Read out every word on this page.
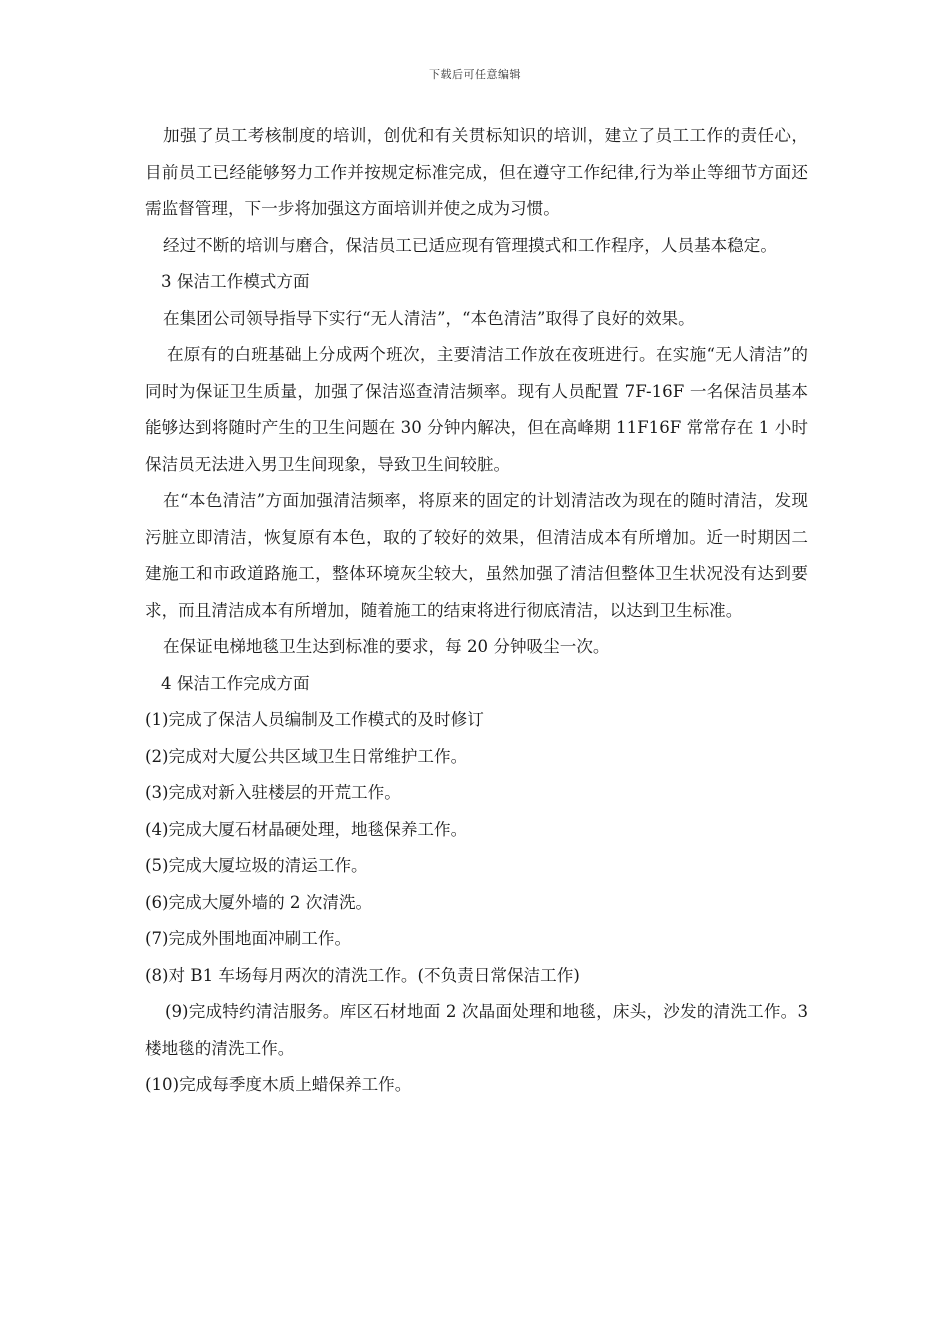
下载后可任意编辑

加强了员工考核制度的培训，创优和有关贯标知识的培训，建立了员工工作的责任心，目前员工已经能够努力工作并按规定标准完成，但在遵守工作纪律,行为举止等细节方面还需监督管理，下一步将加强这方面培训并使之成为习惯。

经过不断的培训与磨合，保洁员工已适应现有管理摸式和工作程序，人员基本稳定。

3 保洁工作模式方面

在集团公司领导指导下实行“无人清洁”，“本色清洁”取得了良好的效果。

在原有的白班基础上分成两个班次，主要清洁工作放在夜班进行。在实施“无人清洁”的同时为保证卫生质量，加强了保洁巡查清洁频率。现有人员配置 7F-16F 一名保洁员基本能够达到将随时产生的卫生问题在 30 分钟内解决，但在高峰期 11F16F 常常存在 1 小时保洁员无法进入男卫生间现象，导致卫生间较脏。

在“本色清洁”方面加强清洁频率，将原来的固定的计划清洁改为现在的随时清洁，发现污脏立即清洁，恢复原有本色，取的了较好的效果，但清洁成本有所增加。近一时期因二建施工和市政道路施工，整体环境灰尘较大，虽然加强了清洁但整体卫生状况没有达到要求，而且清洁成本有所增加，随着施工的结束将进行彻底清洁，以达到卫生标准。

在保证电梯地毯卫生达到标准的要求，每 20 分钟吸尘一次。

4 保洁工作完成方面

(1)完成了保洁人员编制及工作模式的及时修订

(2)完成对大厦公共区域卫生日常维护工作。

(3)完成对新入驻楼层的开荒工作。

(4)完成大厦石材晶硬处理，地毯保养工作。

(5)完成大厦垃圾的清运工作。

(6)完成大厦外墙的 2 次清洗。

(7)完成外围地面冲刷工作。

(8)对 B1 车场每月两次的清洗工作。(不负责日常保洁工作)

(9)完成特约清洁服务。库区石材地面 2 次晶面处理和地毯，床头，沙发的清洗工作。3 楼地毯的清洗工作。

(10)完成每季度木质上蜡保养工作。
